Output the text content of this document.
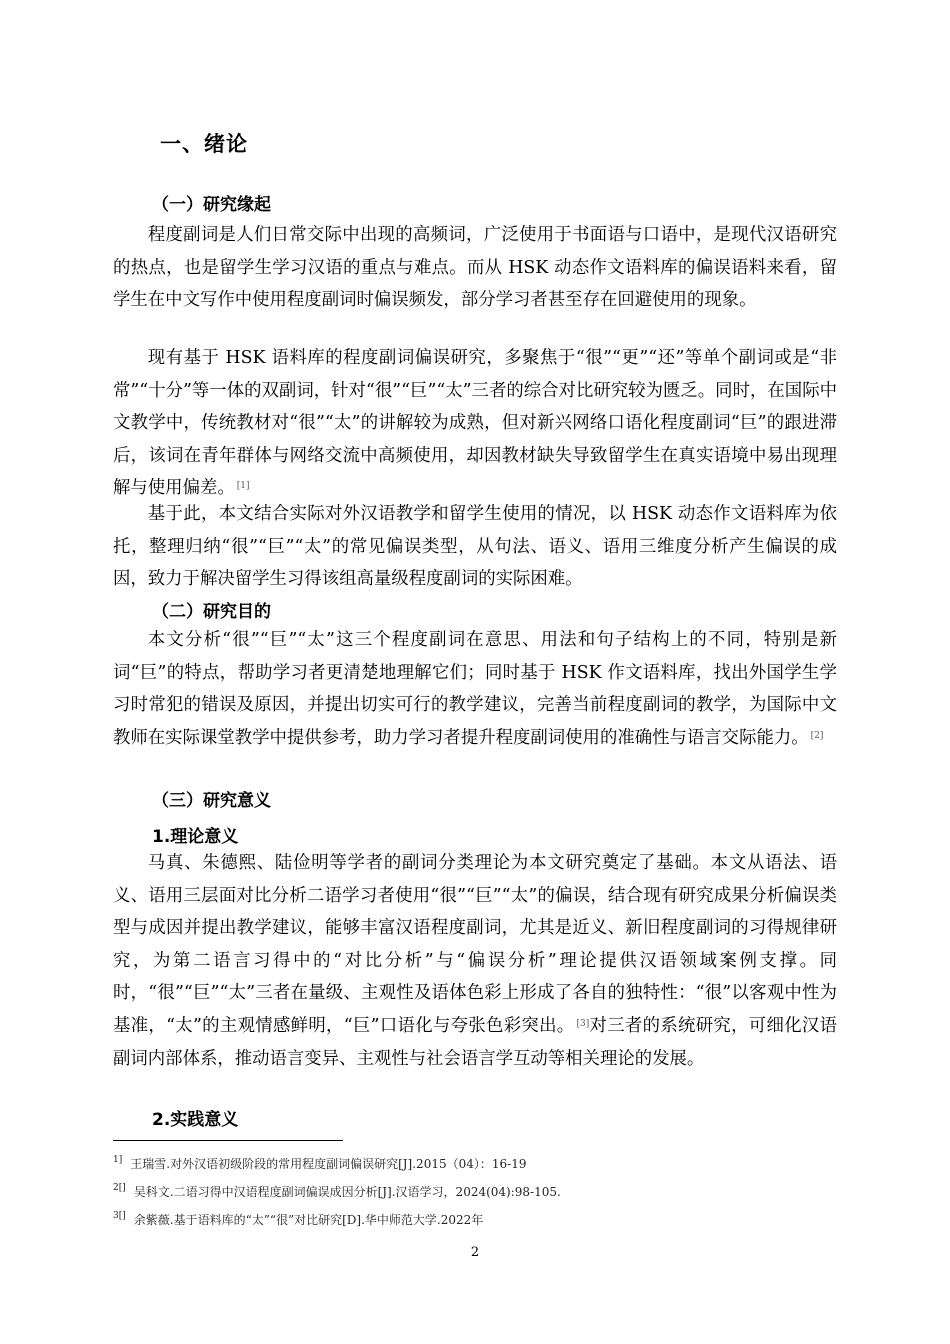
一、绪论
（一）研究缘起

程度副词是人们日常交际中出现的高频词，广泛使用于书面语与口语中，是现代汉语研究的热点，也是留学生学习汉语的重点与难点。而从 HSK 动态作文语料库的偏误语料来看，留学生在中文写作中使用程度副词时偏误频发，部分学习者甚至存在回避使用的现象。

现有基于 HSK 语料库的程度副词偏误研究，多聚焦于“很”“更”“还”等单个副词或是“非常”“十分”等一体的双副词，针对“很”“巨”“太”三者的综合对比研究较为匮乏。同时，在国际中文教学中，传统教材对“很”“太”的讲解较为成熟，但对新兴网络口语化程度副词“巨”的跟进滞后，该词在青年群体与网络交流中高频使用，却因教材缺失导致留学生在真实语境中易出现理解与使用偏差。 [1]

基于此，本文结合实际对外汉语教学和留学生使用的情况，以 HSK 动态作文语料库为依托，整理归纳“很”“巨”“太”的常见偏误类型，从句法、语义、语用三维度分析产生偏误的成因，致力于解决留学生习得该组高量级程度副词的实际困难。

（二）研究目的

本文分析“很”“巨”“太”这三个程度副词在意思、用法和句子结构上的不同，特别是新词“巨”的特点，帮助学习者更清楚地理解它们；同时基于 HSK 作文语料库，找出外国学生学习时常犯的错误及原因，并提出切实可行的教学建议，完善当前程度副词的教学，为国际中文教师在实际课堂教学中提供参考，助力学习者提升程度副词使用的准确性与语言交际能力。 [2]

（三）研究意义
1.理论意义

马真、朱德熙、陆俭明等学者的副词分类理论为本文研究奠定了基础。本文从语法、语义、语用三层面对比分析二语学习者使用“很”“巨”“太”的偏误，结合现有研究成果分析偏误类型与成因并提出教学建议，能够丰富汉语程度副词，尤其是近义、新旧程度副词的习得规律研究，为第二语言习得中的“对比分析”与“偏误分析”理论提供汉语领域案例支撑。同时，“很”“巨”“太”三者在量级、主观性及语体色彩上形成了各自的独特性：“很”以客观中性为基准，“太”的主观情感鲜明，“巨”口语化与夸张色彩突出。 [3]对三者的系统研究，可细化汉语副词内部体系，推动语言变异、主观性与社会语言学互动等相关理论的发展。

2.实践意义
$^{1]}$ 王瑞雪.对外汉语初级阶段的常用程度副词偏误研究[J].2015（04）：16-19
$^{2[]}$ 吴科文.二语习得中汉语程度副词偏误成因分析[J].汉语学习，2024(04):98-105.
$^{3[]}$ 余紫薇.基于语料库的“太”“很”对比研究[D].华中师范大学.2022年
2
